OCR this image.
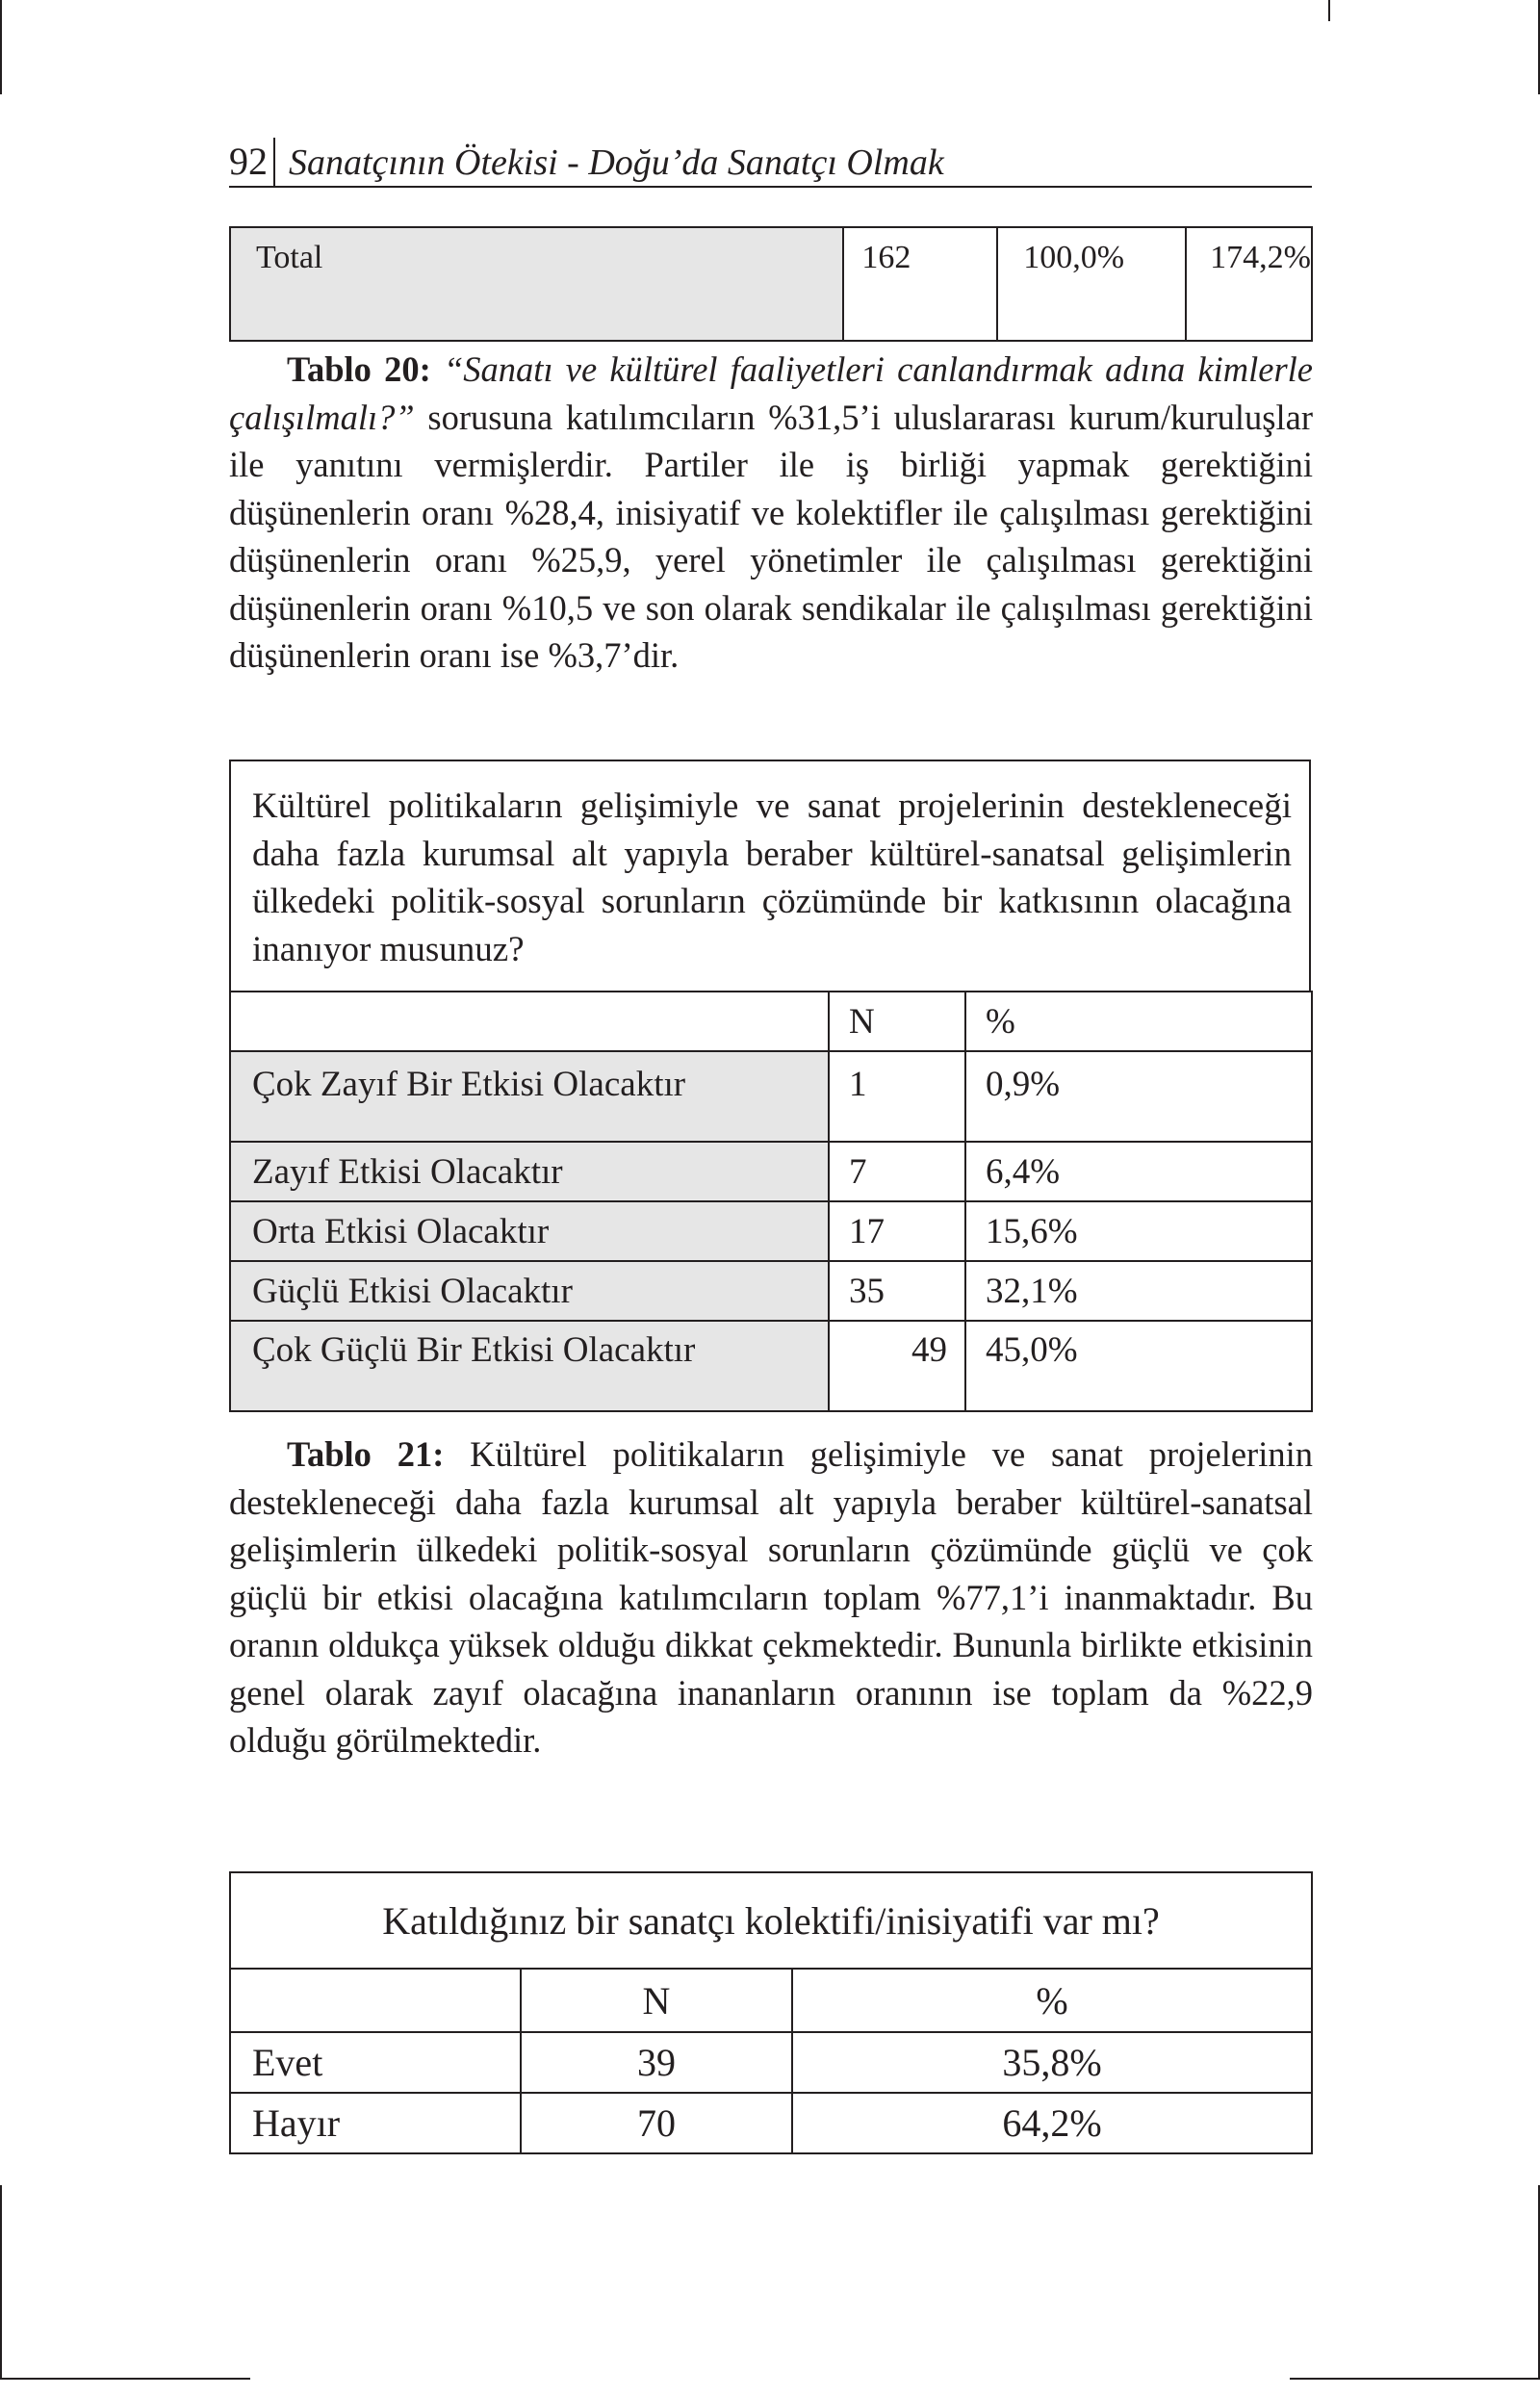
92 Sanatçının Ötekisi - Doğu’da Sanatçı Olmak
Total	162	100,0%	174,2%
Tablo 20: “Sanatı ve kültürel faaliyetleri canlandırmak adına kimlerle çalışılmalı?” sorusuna katılımcıların %31,5’i uluslararası kurum/kuruluşlar ile yanıtını vermişlerdir. Partiler ile iş birliği yapmak gerektiğini düşünenlerin oranı %28,4, inisiyatif ve kolektifler ile çalışılması gerektiğini düşünenlerin oranı %25,9, yerel yönetimler ile çalışılması gerektiğini düşünenlerin oranı %10,5 ve son olarak sendikalar ile çalışılması gerektiğini düşünenlerin oranı ise %3,7’dir.
Kültürel politikaların gelişimiyle ve sanat projelerinin destekleneceği daha fazla kurumsal alt yapıyla beraber kültürel-sanatsal gelişimlerin ülkedeki politik-sosyal sorunların çözümünde bir katkısının olacağına inanıyor musunuz?
	N	%
Çok Zayıf Bir Etkisi Olacaktır	1	0,9%
Zayıf Etkisi Olacaktır	7	6,4%
Orta Etkisi Olacaktır	17	15,6%
Güçlü Etkisi Olacaktır	35	32,1%
Çok Güçlü Bir Etkisi Olacaktır	49	45,0%
Tablo 21: Kültürel politikaların gelişimiyle ve sanat projelerinin destekleneceği daha fazla kurumsal alt yapıyla beraber kültürel-sanatsal gelişimlerin ülkedeki politik-sosyal sorunların çözümünde güçlü ve çok güçlü bir etkisi olacağına katılımcıların toplam %77,1’i inanmaktadır. Bu oranın oldukça yüksek olduğu dikkat çekmektedir. Bununla birlikte etkisinin genel olarak zayıf olacağına inananların oranının ise toplam da %22,9 olduğu görülmektedir.
Katıldığınız bir sanatçı kolektifi/inisiyatifi var mı?		
	N	%
Evet	39	35,8%
Hayır	70	64,2%
